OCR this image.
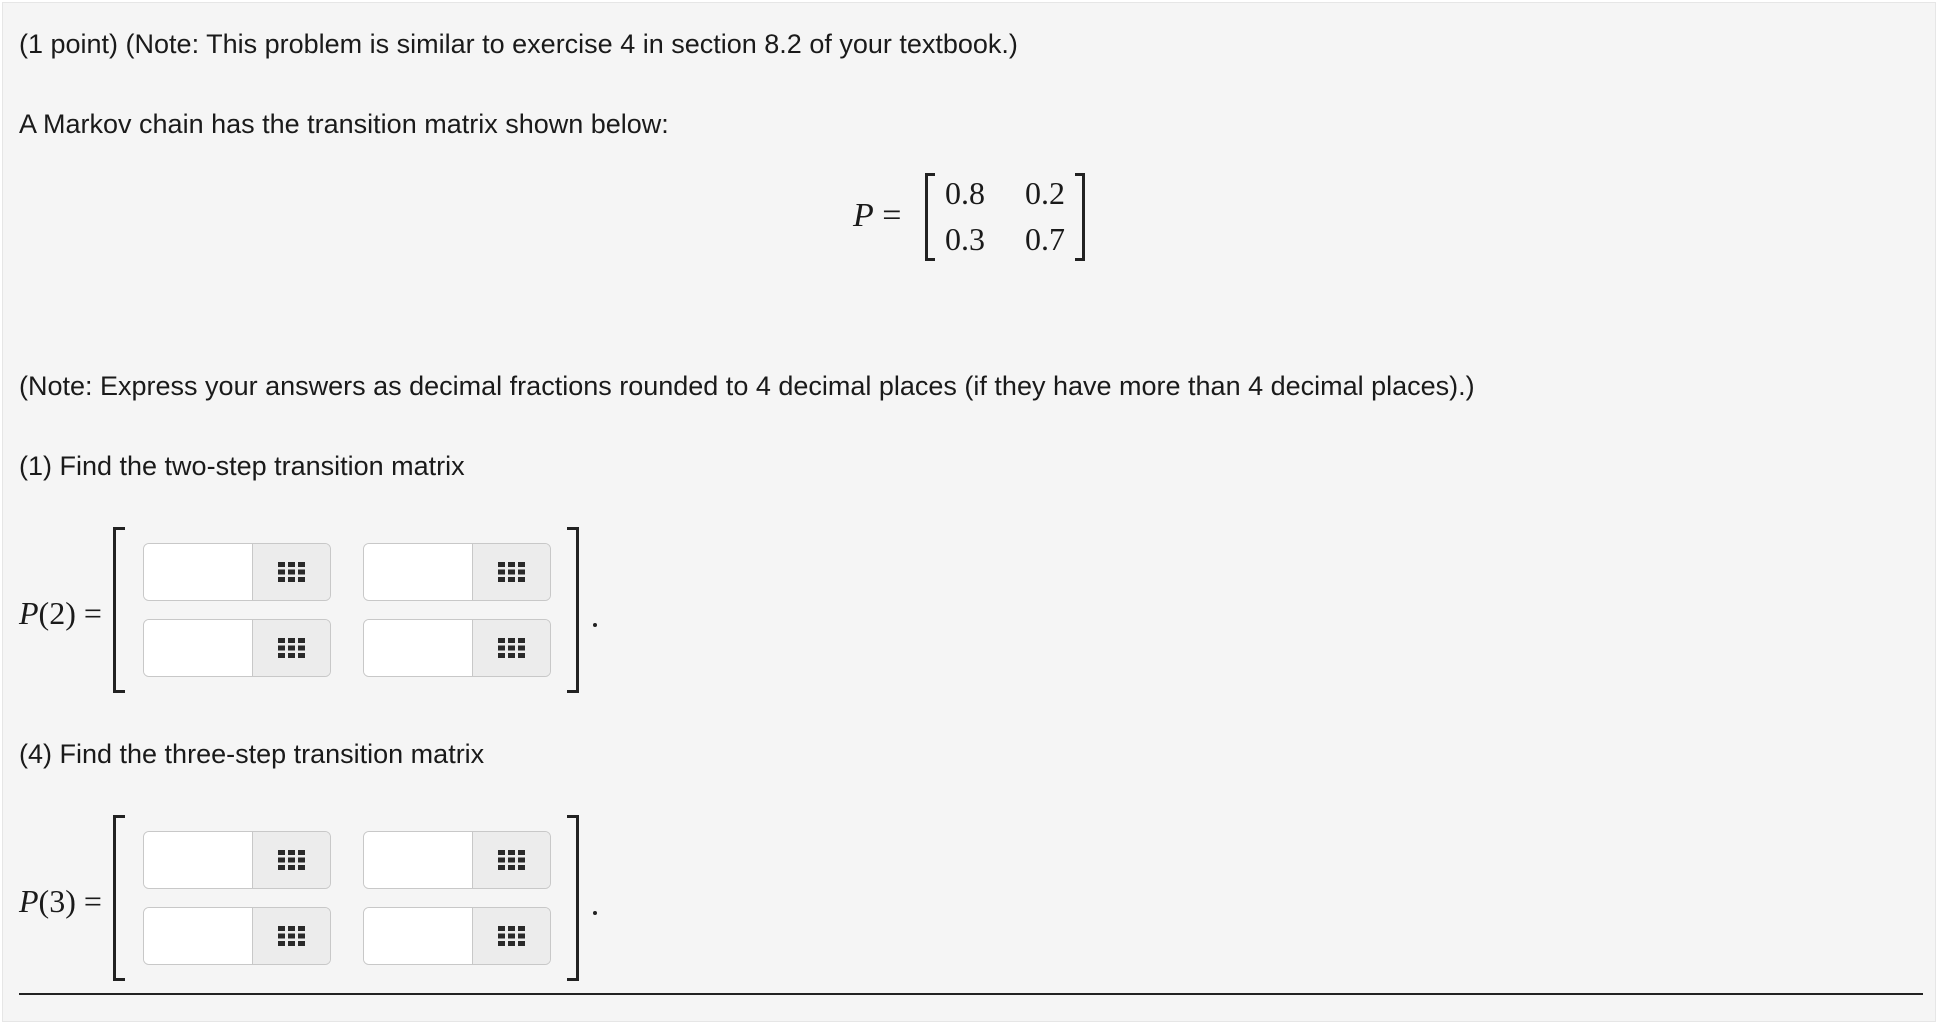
(1 point) (Note: This problem is similar to exercise 4 in section 8.2 of your textbook.)
A Markov chain has the transition matrix shown below:
P =
0.8 0.2
0.3 0.7
(Note: Express your answers as decimal fractions rounded to 4 decimal places (if they have more than 4 decimal places).)
(1) Find the two-step transition matrix
P(2) =
(4) Find the three-step transition matrix
P(3) =
